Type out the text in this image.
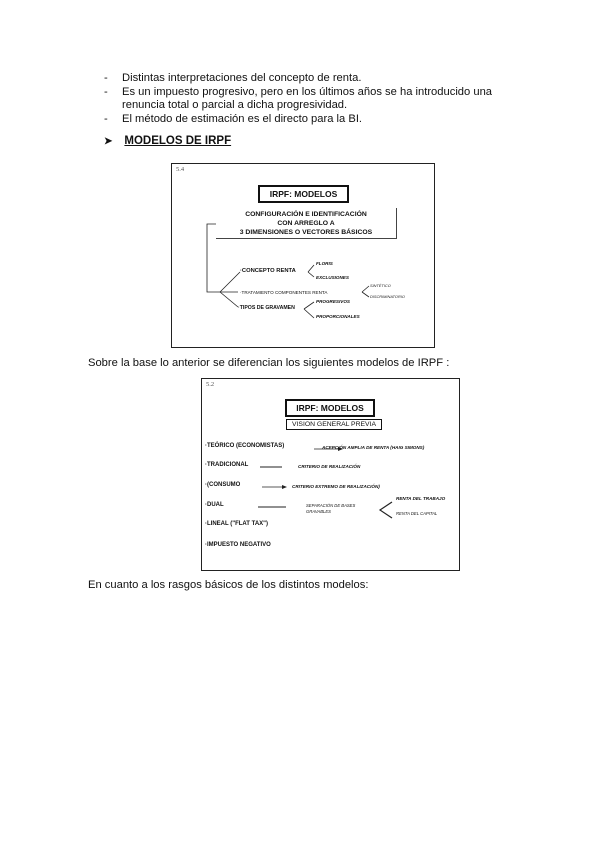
- Distintas interpretaciones del concepto de renta.
- Es un impuesto progresivo, pero en los últimos años se ha introducido una renuncia total o parcial a dicha progresividad.
- El método de estimación es el directo para la BI.
➤ MODELOS DE IRPF
5.4
IRPF: MODELOS
CONFIGURACIÓN E IDENTIFICACIÓN
CON ARREGLO A
3 DIMENSIONES O VECTORES BÁSICOS
·CONCEPTO RENTA
FLORIS
EXCLUSIONES
·TRATAMIENTO COMPONENTES RENTA
SINTÉTICO
DISCRIMINATORIO
·TIPOS DE GRAVAMEN
PROGRESIVOS
PROPORCIONALES
Sobre la base lo anterior se diferencian los siguientes modelos de IRPF :
5.2
IRPF: MODELOS
VISION GENERAL PREVIA
·TEÓRICO (ECONOMISTAS)	ACEPCIÓN AMPLIA DE RENTA (HAIG SIMONS)
·TRADICIONAL	CRITERIO DE REALIZACIÓN
·(CONSUMO	CRITERIO EXTREMO DE REALIZACIÓN)
·DUAL	SEPARACIÓN DE BASES
GRAVABLES
RENTA DEL TRABAJO
RENTA DEL CAPITAL
·LINEAL ("FLAT TAX")
·IMPUESTO NEGATIVO
En cuanto a los rasgos básicos de los distintos modelos:
